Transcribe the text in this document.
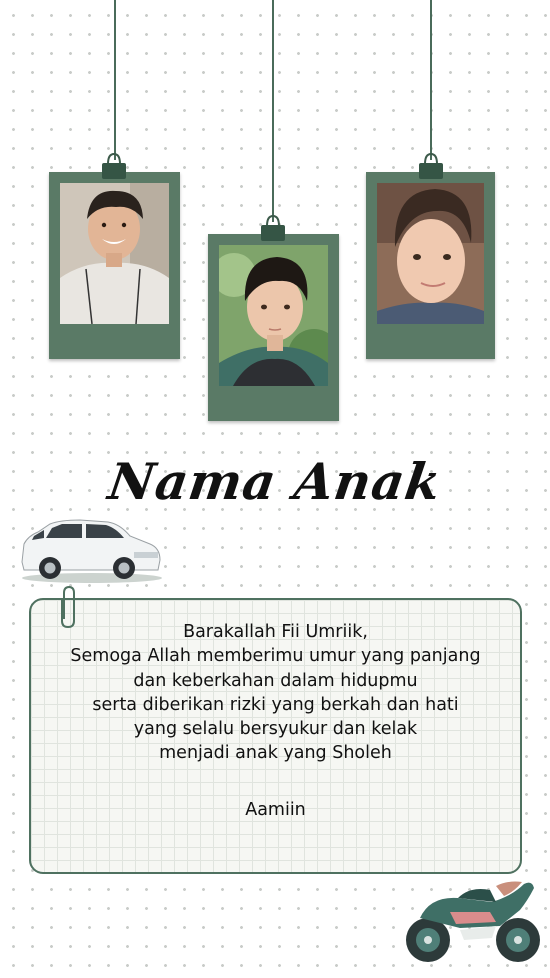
Nama Anak
Barakallah Fii Umriik,
Semoga Allah memberimu umur yang panjang
dan keberkahan dalam hidupmu
serta diberikan rizki yang berkah dan hati
yang selalu bersyukur dan kelak
menjadi anak yang Sholeh
Aamiin
